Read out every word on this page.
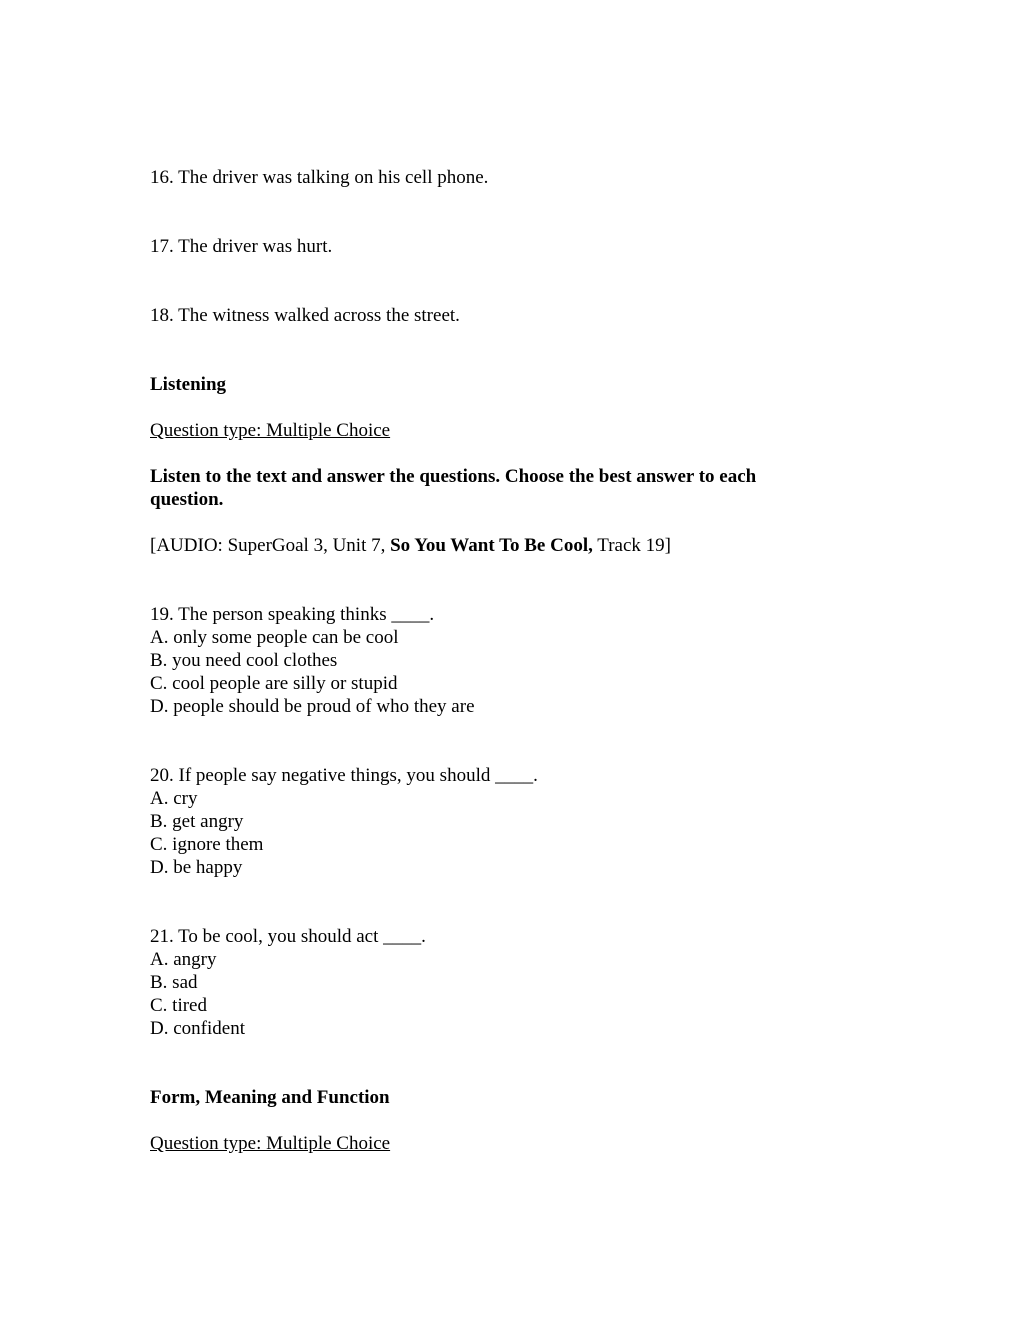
16. The driver was talking on his cell phone.
17. The driver was hurt.
18. The witness walked across the street.
Listening
Question type: Multiple Choice
Listen to the text and answer the questions. Choose the best answer to each
question.
[AUDIO: SuperGoal 3, Unit 7, So You Want To Be Cool, Track 19]
19. The person speaking thinks ____.
A. only some people can be cool
B. you need cool clothes
C. cool people are silly or stupid
D. people should be proud of who they are
20. If people say negative things, you should ____.
A. cry
B. get angry
C. ignore them
D. be happy
21. To be cool, you should act ____.
A. angry
B. sad
C. tired
D. confident
Form, Meaning and Function
Question type: Multiple Choice
